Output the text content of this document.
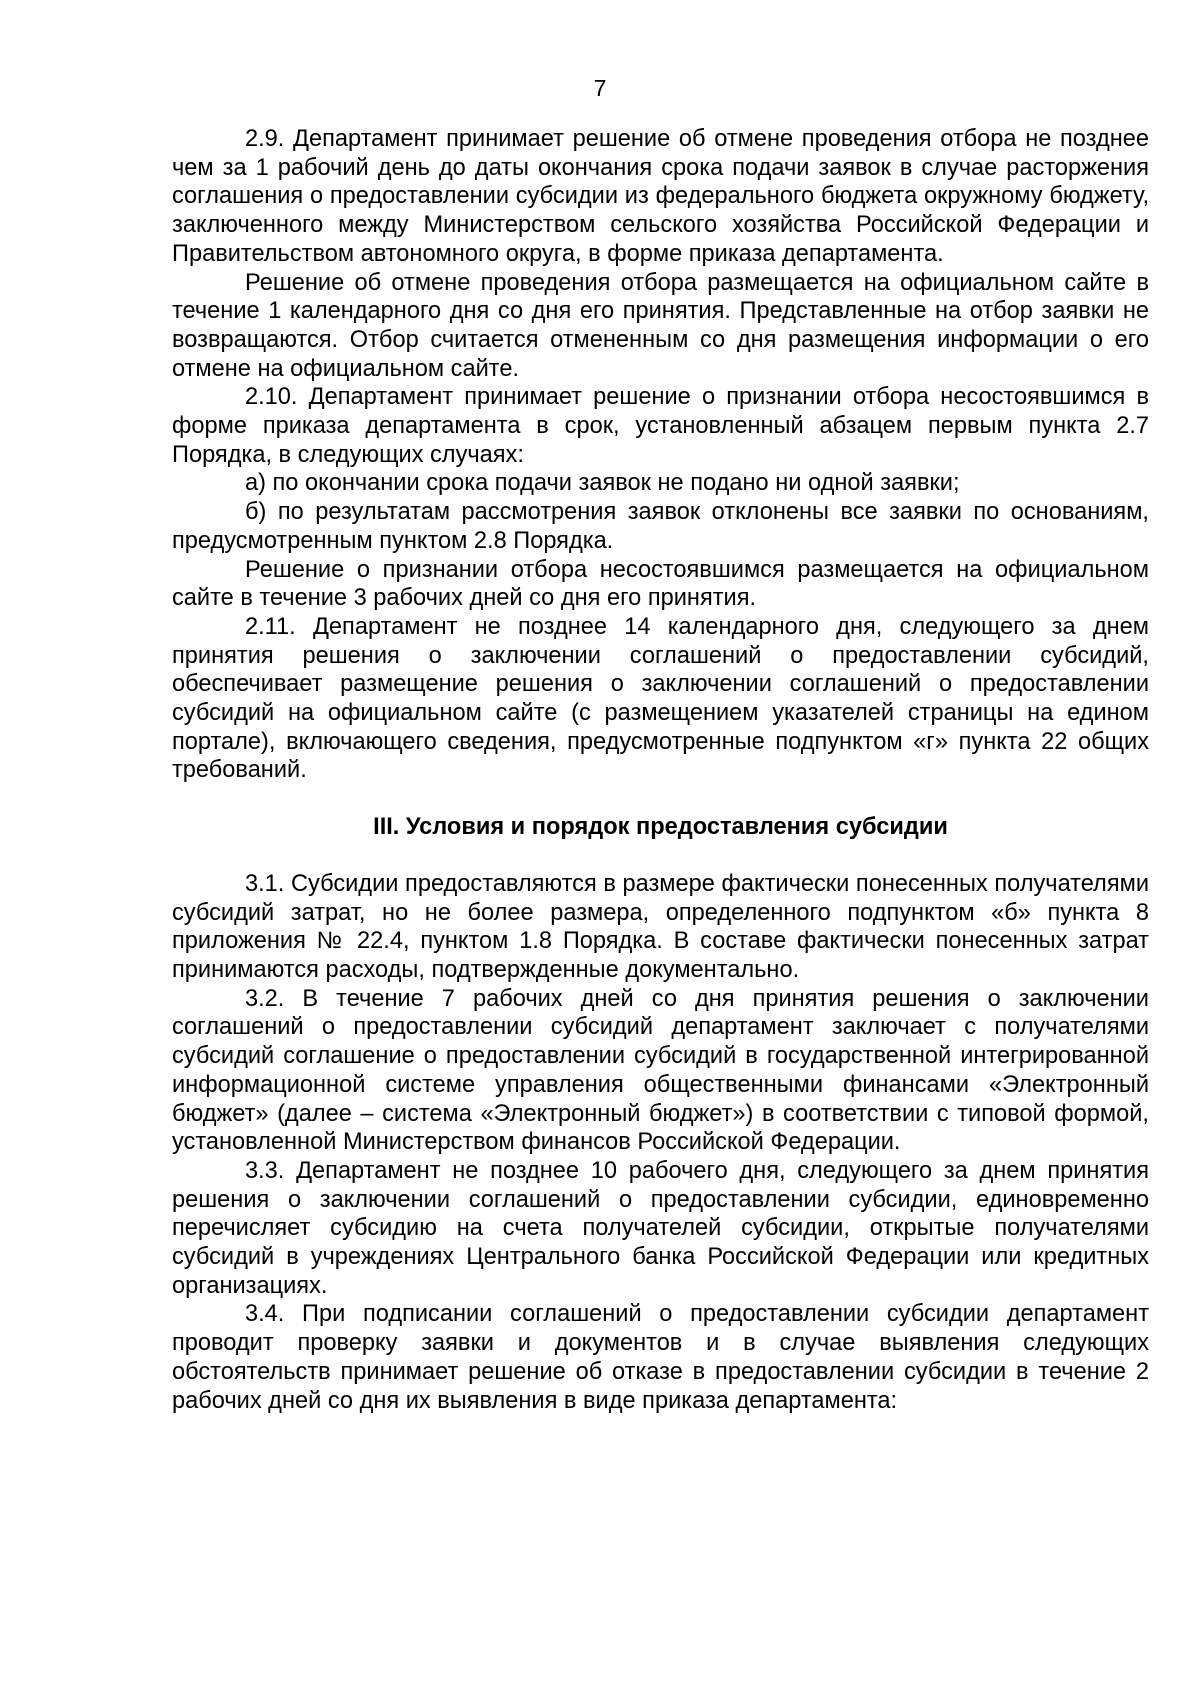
7

2.9. Департамент принимает решение об отмене проведения отбора не позднее чем за 1 рабочий день до даты окончания срока подачи заявок в случае расторжения соглашения о предоставлении субсидии из федерального бюджета окружному бюджету, заключенного между Министерством сельского хозяйства Российской Федерации и Правительством автономного округа, в форме приказа департамента.

Решение об отмене проведения отбора размещается на официальном сайте в течение 1 календарного дня со дня его принятия. Представленные на отбор заявки не возвращаются. Отбор считается отмененным со дня размещения информации о его отмене на официальном сайте.

2.10. Департамент принимает решение о признании отбора несостоявшимся в форме приказа департамента в срок, установленный абзацем первым пункта 2.7 Порядка, в следующих случаях:

а) по окончании срока подачи заявок не подано ни одной заявки;

б) по результатам рассмотрения заявок отклонены все заявки по основаниям, предусмотренным пунктом 2.8 Порядка.

Решение о признании отбора несостоявшимся размещается на официальном сайте в течение 3 рабочих дней со дня его принятия.

2.11. Департамент не позднее 14 календарного дня, следующего за днем принятия решения о заключении соглашений о предоставлении субсидий, обеспечивает размещение решения о заключении соглашений о предоставлении субсидий на официальном сайте (с размещением указателей страницы на едином портале), включающего сведения, предусмотренные подпунктом «г» пункта 22 общих требований.

III. Условия и порядок предоставления субсидии

3.1. Субсидии предоставляются в размере фактически понесенных получателями субсидий затрат, но не более размера, определенного подпунктом «б» пункта 8 приложения № 22.4, пунктом 1.8 Порядка. В составе фактически понесенных затрат принимаются расходы, подтвержденные документально.

3.2. В течение 7 рабочих дней со дня принятия решения о заключении соглашений о предоставлении субсидий департамент заключает с получателями субсидий соглашение о предоставлении субсидий в государственной интегрированной информационной системе управления общественными финансами «Электронный бюджет» (далее – система «Электронный бюджет») в соответствии с типовой формой, установленной Министерством финансов Российской Федерации.

3.3. Департамент не позднее 10 рабочего дня, следующего за днем принятия решения о заключении соглашений о предоставлении субсидии, единовременно перечисляет субсидию на счета получателей субсидии, открытые получателями субсидий в учреждениях Центрального банка Российской Федерации или кредитных организациях.

3.4. При подписании соглашений о предоставлении субсидии департамент проводит проверку заявки и документов и в случае выявления следующих обстоятельств принимает решение об отказе в предоставлении субсидии в течение 2 рабочих дней со дня их выявления в виде приказа департамента:
